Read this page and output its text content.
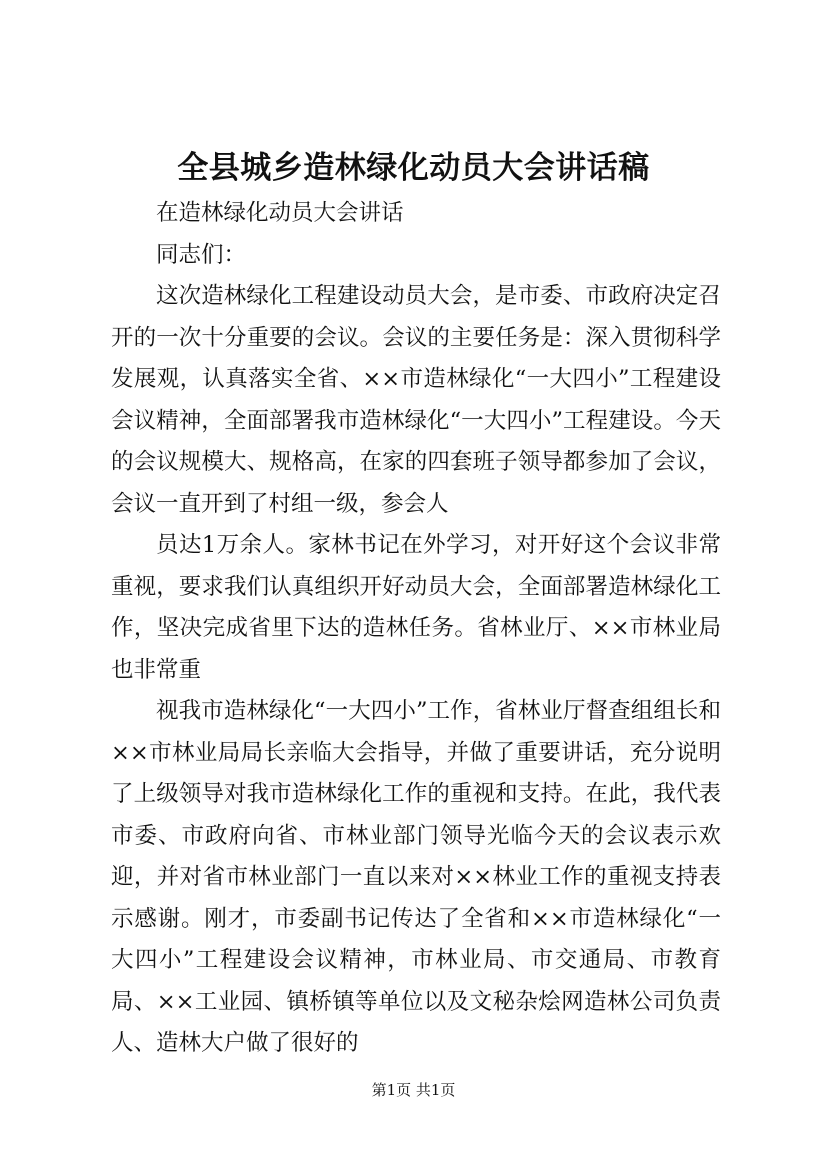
全县城乡造林绿化动员大会讲话稿

在造林绿化动员大会讲话

同志们：

这次造林绿化工程建设动员大会，是市委、市政府决定召开的一次十分重要的会议。会议的主要任务是：深入贯彻科学发展观，认真落实全省、××市造林绿化“一大四小”工程建设会议精神，全面部署我市造林绿化“一大四小”工程建设。今天的会议规模大、规格高，在家的四套班子领导都参加了会议，会议一直开到了村组一级，参会人

员达1万余人。家林书记在外学习，对开好这个会议非常重视，要求我们认真组织开好动员大会，全面部署造林绿化工作，坚决完成省里下达的造林任务。省林业厅、××市林业局也非常重

视我市造林绿化“一大四小”工作，省林业厅督查组组长和××市林业局局长亲临大会指导，并做了重要讲话，充分说明了上级领导对我市造林绿化工作的重视和支持。在此，我代表市委、市政府向省、市林业部门领导光临今天的会议表示欢迎，并对省市林业部门一直以来对××林业工作的重视支持表示感谢。刚才，市委副书记传达了全省和××市造林绿化“一大四小”工程建设会议精神，市林业局、市交通局、市教育局、××工业园、镇桥镇等单位以及文秘杂烩网造林公司负责人、造林大户做了很好的

第1页 共1页
